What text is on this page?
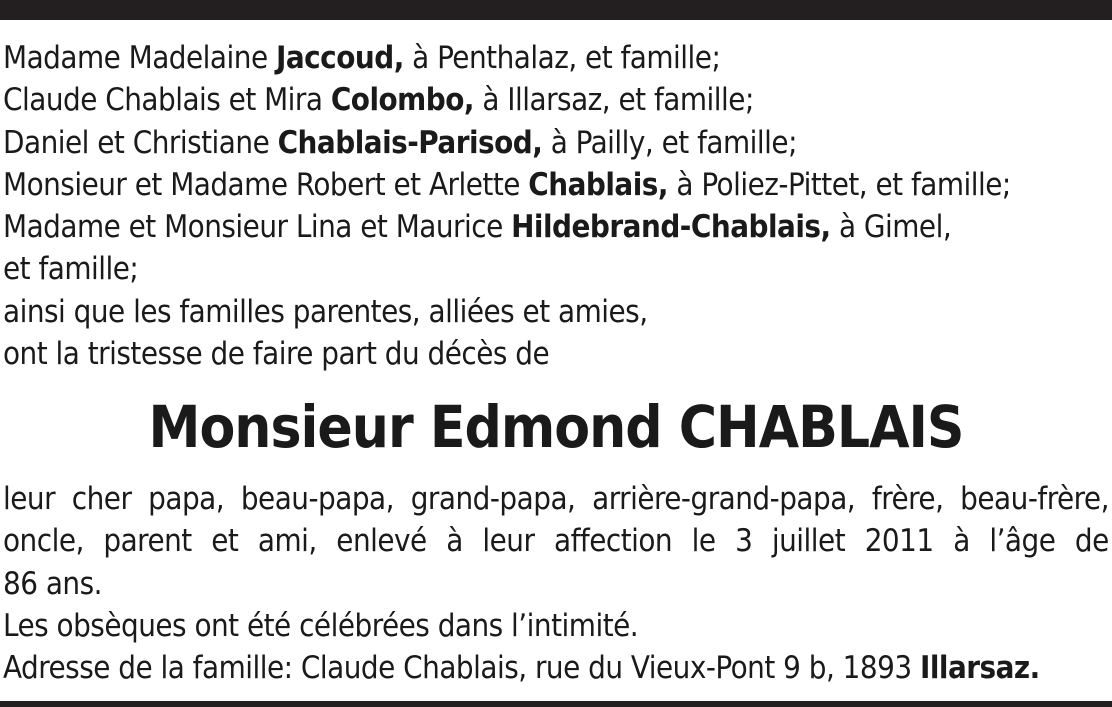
Madame Madelaine Jaccoud, à Penthalaz, et famille;
Claude Chablais et Mira Colombo, à Illarsaz, et famille;
Daniel et Christiane Chablais-Parisod, à Pailly, et famille;
Monsieur et Madame Robert et Arlette Chablais, à Poliez-Pittet, et famille;
Madame et Monsieur Lina et Maurice Hildebrand-Chablais, à Gimel,
et famille;
ainsi que les familles parentes, alliées et amies,
ont la tristesse de faire part du décès de
Monsieur Edmond CHABLAIS
leur cher papa, beau-papa, grand-papa, arrière-grand-papa, frère, beau-frère,
oncle, parent et ami, enlevé à leur affection le 3 juillet 2011 à l’âge de
86 ans.
Les obsèques ont été célébrées dans l’intimité.
Adresse de la famille: Claude Chablais, rue du Vieux-Pont 9 b, 1893 Illarsaz.
